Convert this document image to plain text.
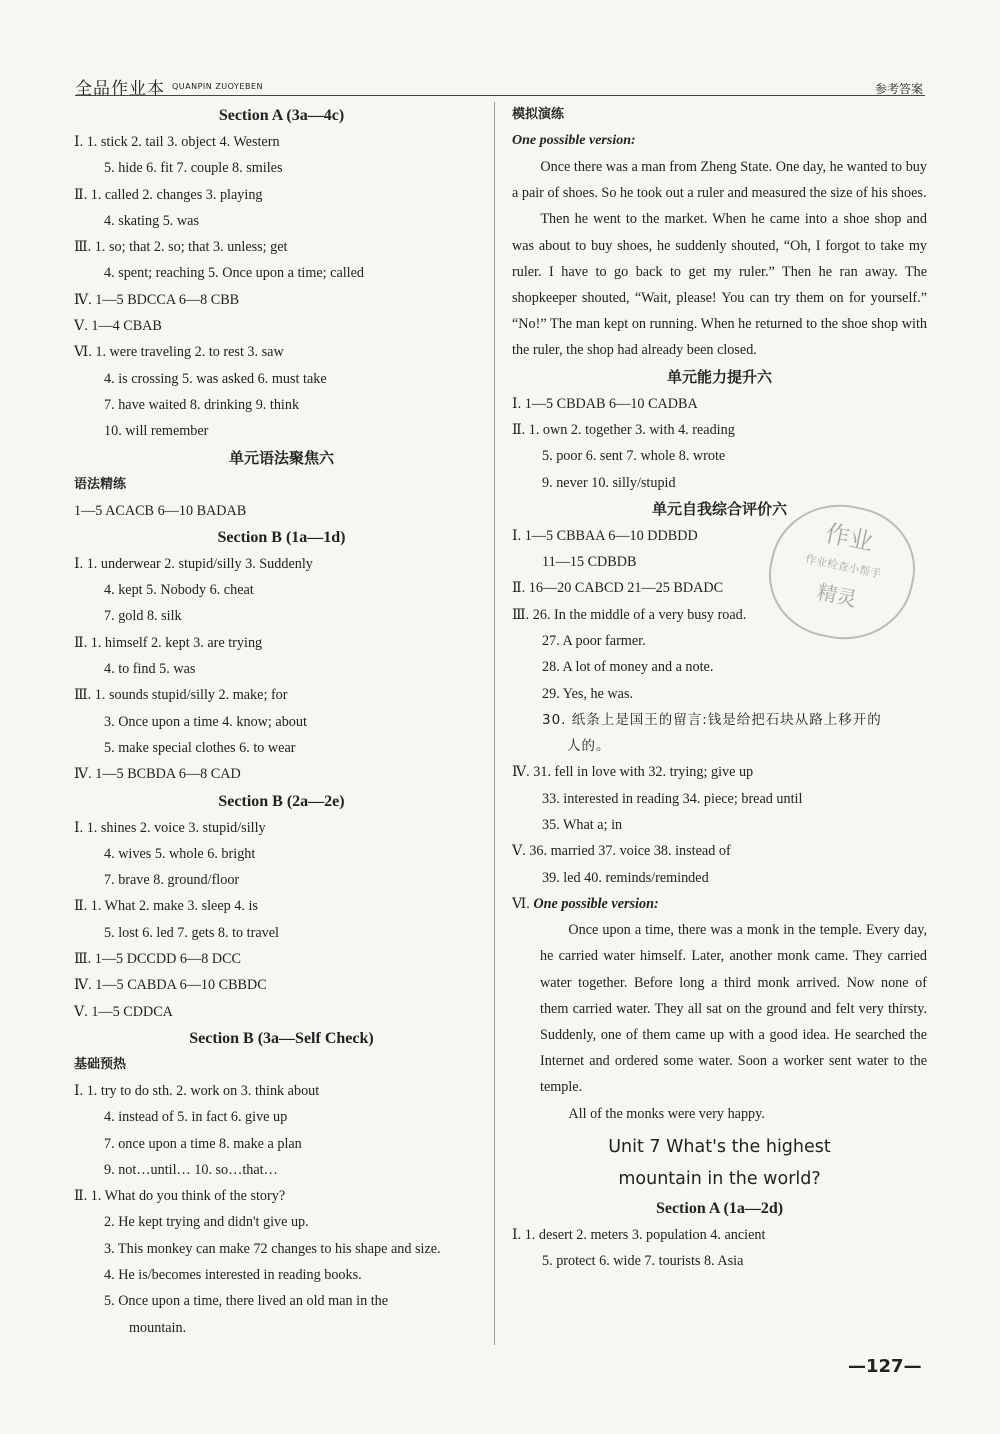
全品作业本 QUANPIN ZUOYEBEN	参考答案
Section A (3a—4c)
Ⅰ. 1. stick 2. tail 3. object 4. Western
5. hide 6. fit 7. couple 8. smiles
Ⅱ. 1. called 2. changes 3. playing
4. skating 5. was
Ⅲ. 1. so; that 2. so; that 3. unless; get
4. spent; reaching 5. Once upon a time; called
Ⅳ. 1—5 BDCCA 6—8 CBB
Ⅴ. 1—4 CBAB
Ⅵ. 1. were traveling 2. to rest 3. saw
4. is crossing 5. was asked 6. must take
7. have waited 8. drinking 9. think
10. will remember
单元语法聚焦六
语法精练
1—5 ACACB 6—10 BADAB
Section B (1a—1d)
Ⅰ. 1. underwear 2. stupid/silly 3. Suddenly
4. kept 5. Nobody 6. cheat
7. gold 8. silk
Ⅱ. 1. himself 2. kept 3. are trying
4. to find 5. was
Ⅲ. 1. sounds stupid/silly 2. make; for
3. Once upon a time 4. know; about
5. make special clothes 6. to wear
Ⅳ. 1—5 BCBDA 6—8 CAD
Section B (2a—2e)
Ⅰ. 1. shines 2. voice 3. stupid/silly
4. wives 5. whole 6. bright
7. brave 8. ground/floor
Ⅱ. 1. What 2. make 3. sleep 4. is
5. lost 6. led 7. gets 8. to travel
Ⅲ. 1—5 DCCDD 6—8 DCC
Ⅳ. 1—5 CABDA 6—10 CBBDC
Ⅴ. 1—5 CDDCA
Section B (3a—Self Check)
基础预热
Ⅰ. 1. try to do sth. 2. work on 3. think about
4. instead of 5. in fact 6. give up
7. once upon a time 8. make a plan
9. not…until… 10. so…that…
Ⅱ. 1. What do you think of the story?
2. He kept trying and didn't give up.
3. This monkey can make 72 changes to his shape and size.
4. He is/becomes interested in reading books.
5. Once upon a time, there lived an old man in the
mountain.
模拟演练
One possible version:

Once there was a man from Zheng State. One day, he wanted to buy a pair of shoes. So he took out a ruler and measured the size of his shoes.

Then he went to the market. When he came into a shoe shop and was about to buy shoes, he suddenly shouted, “Oh, I forgot to take my ruler. I have to go back to get my ruler.” Then he ran away. The shopkeeper shouted, “Wait, please! You can try them on for yourself.” “No!” The man kept on running. When he returned to the shoe shop with the ruler, the shop had already been closed.

单元能力提升六
Ⅰ. 1—5 CBDAB 6—10 CADBA
Ⅱ. 1. own 2. together 3. with 4. reading
5. poor 6. sent 7. whole 8. wrote
9. never 10. silly/stupid
单元自我综合评价六
Ⅰ. 1—5 CBBAA 6—10 DDBDD
11—15 CDBDB
Ⅱ. 16—20 CABCD 21—25 BDADC
Ⅲ. 26. In the middle of a very busy road.
27. A poor farmer.
28. A lot of money and a note.
29. Yes, he was.
30. 纸条上是国王的留言:钱是给把石块从路上移开的
人的。
Ⅳ. 31. fell in love with 32. trying; give up
33. interested in reading 34. piece; bread until
35. What a; in
Ⅴ. 36. married 37. voice 38. instead of
39. led 40. reminds/reminded
Ⅵ. One possible version:

Once upon a time, there was a monk in the temple. Every day, he carried water himself. Later, another monk came. They carried water together. Before long a third monk arrived. Now none of them carried water. They all sat on the ground and felt very thirsty. Suddenly, one of them came up with a good idea. He searched the Internet and ordered some water. Soon a worker sent water to the temple.

All of the monks were very happy.

Unit 7 What's the highest
mountain in the world?
Section A (1a—2d)
Ⅰ. 1. desert 2. meters 3. population 4. ancient
5. protect 6. wide 7. tourists 8. Asia
作业
作业检查小帮手
精灵
—127—
